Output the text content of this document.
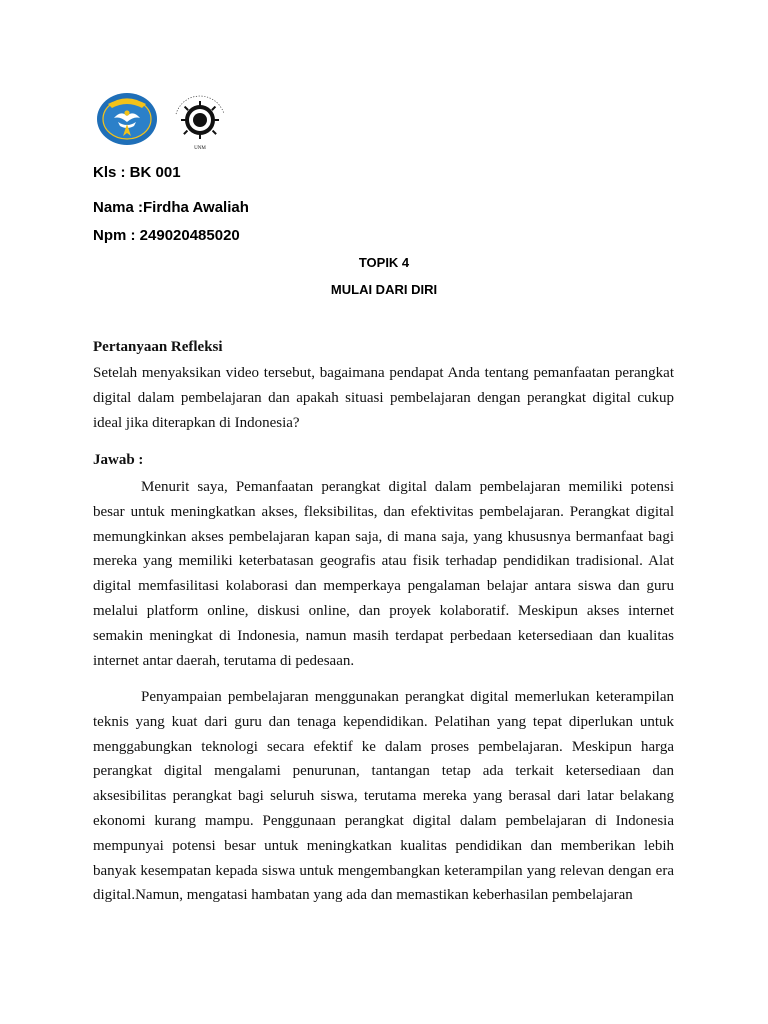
UNM
Kls : BK 001
Nama :Firdha Awaliah
Npm : 249020485020
TOPIK 4
MULAI DARI DIRI
Pertanyaan Refleksi
Setelah menyaksikan video tersebut, bagaimana pendapat Anda tentang pemanfaatan perangkat digital dalam pembelajaran dan apakah situasi pembelajaran dengan perangkat digital cukup ideal jika diterapkan di Indonesia?
Jawab :
Menurit saya, Pemanfaatan perangkat digital dalam pembelajaran memiliki potensi besar untuk meningkatkan akses, fleksibilitas, dan efektivitas pembelajaran. Perangkat digital memungkinkan akses pembelajaran kapan saja, di mana saja, yang khususnya bermanfaat bagi mereka yang memiliki keterbatasan geografis atau fisik terhadap pendidikan tradisional. Alat digital memfasilitasi kolaborasi dan memperkaya pengalaman belajar antara siswa dan guru melalui platform online, diskusi online, dan proyek kolaboratif. Meskipun akses internet semakin meningkat di Indonesia, namun masih terdapat perbedaan ketersediaan dan kualitas internet antar daerah, terutama di pedesaan.
Penyampaian pembelajaran menggunakan perangkat digital memerlukan keterampilan teknis yang kuat dari guru dan tenaga kependidikan. Pelatihan yang tepat diperlukan untuk menggabungkan teknologi secara efektif ke dalam proses pembelajaran. Meskipun harga perangkat digital mengalami penurunan, tantangan tetap ada terkait ketersediaan dan aksesibilitas perangkat bagi seluruh siswa, terutama mereka yang berasal dari latar belakang ekonomi kurang mampu. Penggunaan perangkat digital dalam pembelajaran di Indonesia mempunyai potensi besar untuk meningkatkan kualitas pendidikan dan memberikan lebih banyak kesempatan kepada siswa untuk mengembangkan keterampilan yang relevan dengan era digital.Namun, mengatasi hambatan yang ada dan memastikan keberhasilan pembelajaran
